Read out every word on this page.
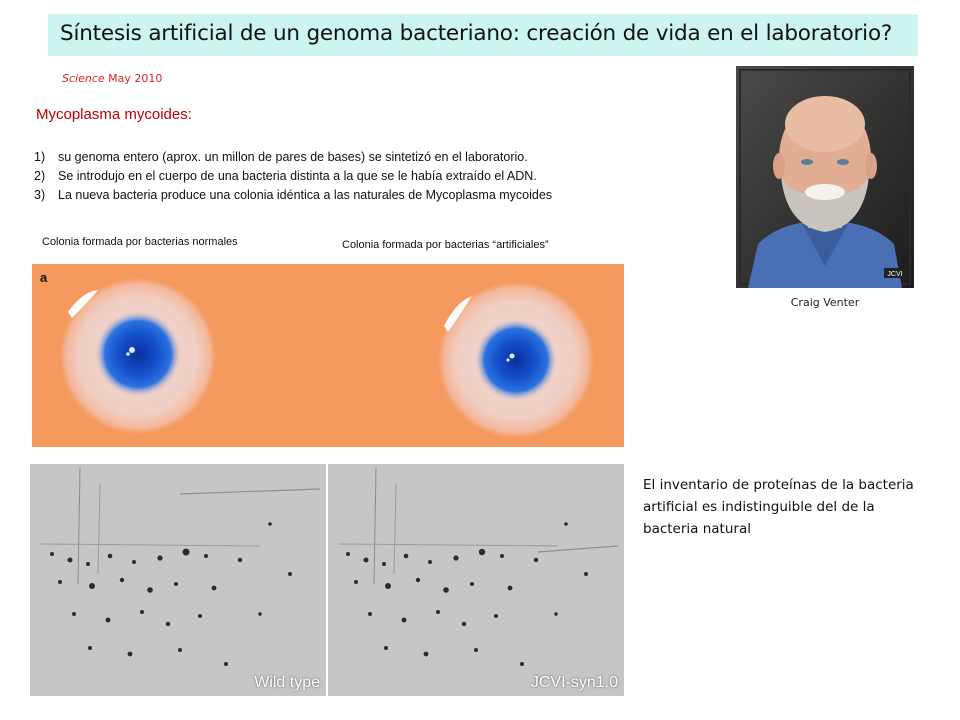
Síntesis artificial de un genoma bacteriano: creación de vida en el laboratorio?
Science May 2010
Mycoplasma mycoides:
1)	su genoma entero (aprox. un millon de pares de bases) se sintetizó en el laboratorio.
2)	Se introdujo en el cuerpo de una bacteria distinta a la que se le había extraído el ADN.
3)	La nueva bacteria produce una colonia idéntica a las naturales de Mycoplasma mycoides
Colonia formada por bacterias normales	Colonia formada por bacterias “artificiales”
JCVI
Craig Venter
a
Wild type	JCVI-syn1.0
El inventario de proteínas de la bacteria artificial es indistinguible del de la bacteria natural
